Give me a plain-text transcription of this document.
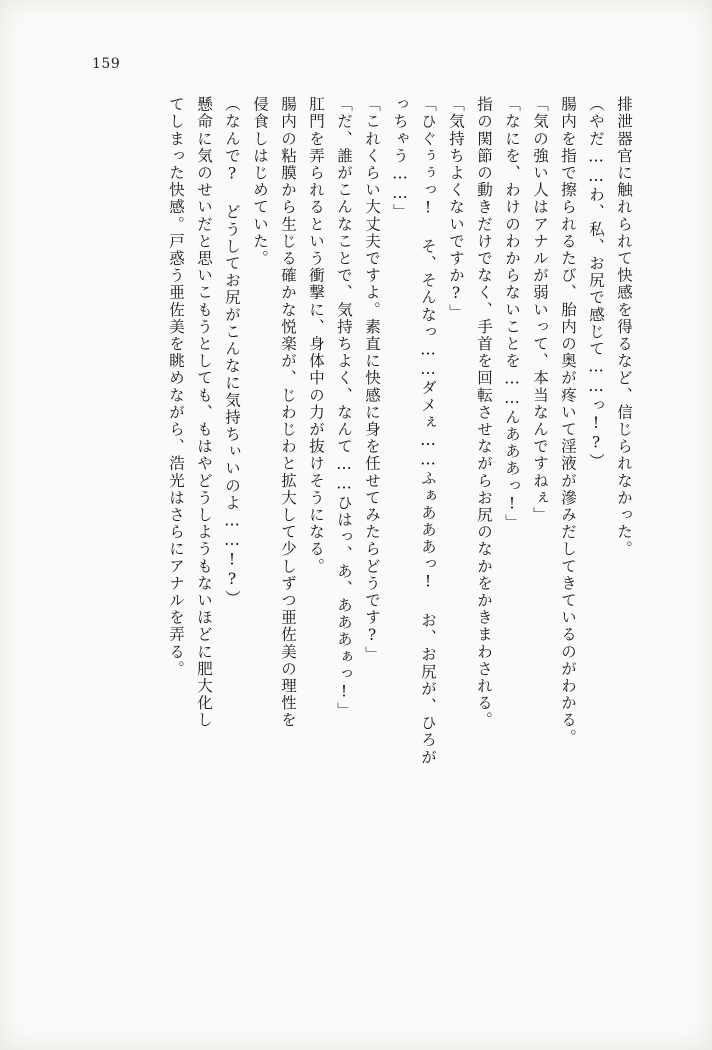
159
排泄器官に触れられて快感を得るなど、信じられなかった。
（やだ……わ、私、お尻で感じて……っ!?）
腸内を指で擦られるたび、胎内の奥が疼いて淫液が滲みだしてきているのがわかる。
「気の強い人はアナルが弱いって、本当なんですねぇ」
「なにを、わけのわからないことを……んあああっ!」
指の関節の動きだけでなく、手首を回転させながらお尻のなかをかきまわされる。
「気持ちよくないですか?」
「ひぐぅぅっ! そ、そんなっ……ダメぇ……ふぁあああっ! お、お尻が、ひろが
っちゃう……」
「これくらい大丈夫ですよ。素直に快感に身を任せてみたらどうです?」
「だ、誰がこんなことで、気持ちよく、なんて……ひはっ、あ、あああぁっ!」
肛門を弄られるという衝撃に、身体中の力が抜けそうになる。
腸内の粘膜から生じる確かな悦楽が、じわじわと拡大して少しずつ亜佐美の理性を
侵食しはじめていた。
（なんで? どうしてお尻がこんなに気持ちぃいのよ……!?）
懸命に気のせいだと思いこもうとしても、もはやどうしようもないほどに肥大化し
てしまった快感。戸惑う亜佐美を眺めながら、浩光はさらにアナルを弄る。
